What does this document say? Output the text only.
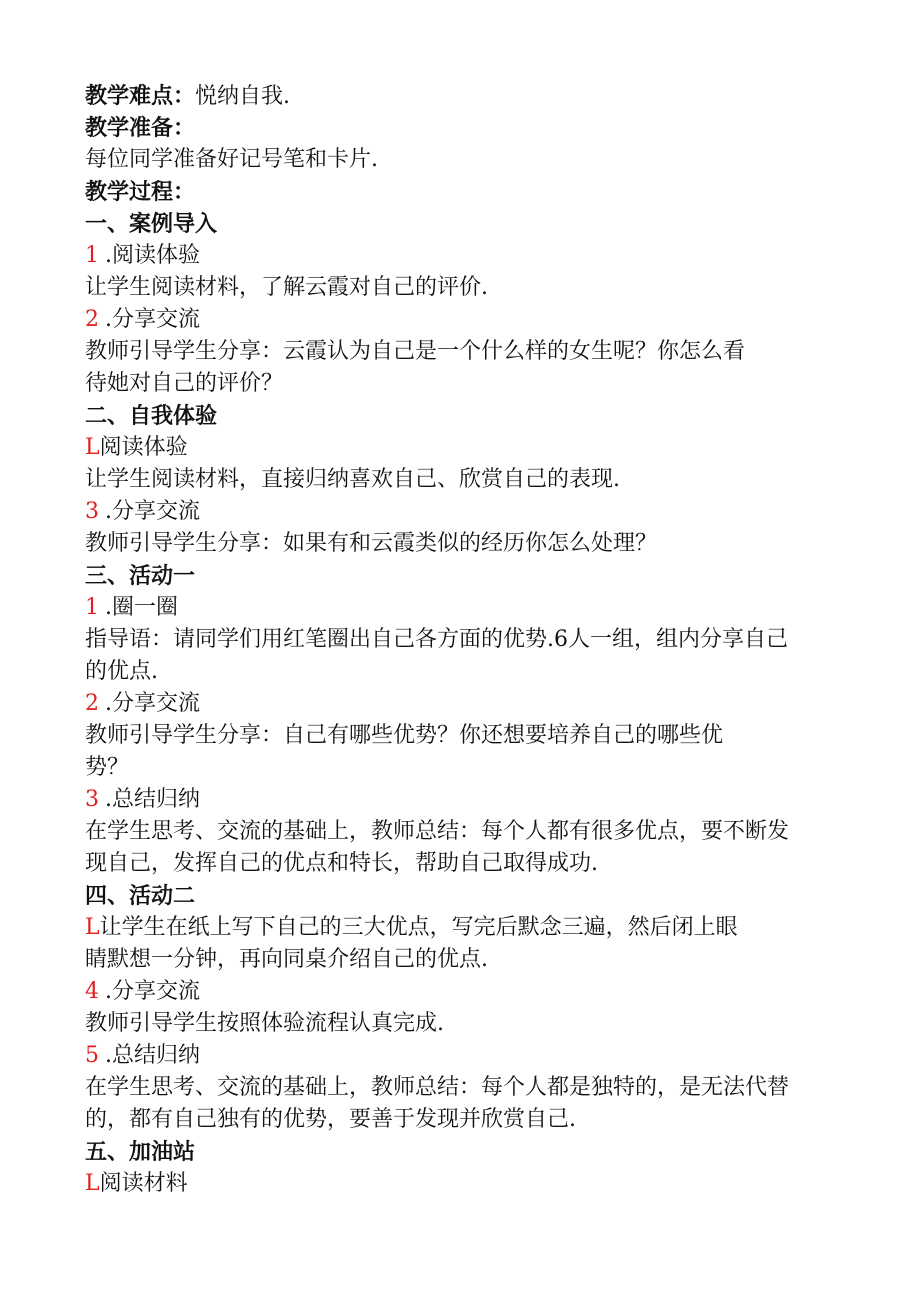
教学难点：悦纳自我.
教学准备：
每位同学准备好记号笔和卡片.
教学过程：
一、案例导入
1 .阅读体验
让学生阅读材料，了解云霞对自己的评价.
2 .分享交流
教师引导学生分享：云霞认为自己是一个什么样的女生呢？你怎么看
待她对自己的评价？
二、自我体验
L阅读体验
让学生阅读材料，直接归纳喜欢自己、欣赏自己的表现.
3 .分享交流
教师引导学生分享：如果有和云霞类似的经历你怎么处理？
三、活动一
1 .圈一圈
指导语：请同学们用红笔圈出自己各方面的优势.6人一组，组内分享自己
的优点.
2 .分享交流
教师引导学生分享：自己有哪些优势？你还想要培养自己的哪些优
势？
3 .总结归纳
在学生思考、交流的基础上，教师总结：每个人都有很多优点，要不断发
现自己，发挥自己的优点和特长，帮助自己取得成功.
四、活动二
L让学生在纸上写下自己的三大优点，写完后默念三遍，然后闭上眼
睛默想一分钟，再向同桌介绍自己的优点.
4 .分享交流
教师引导学生按照体验流程认真完成.
5 .总结归纳
在学生思考、交流的基础上，教师总结：每个人都是独特的，是无法代替
的，都有自己独有的优势，要善于发现并欣赏自己.
五、加油站
L阅读材料
